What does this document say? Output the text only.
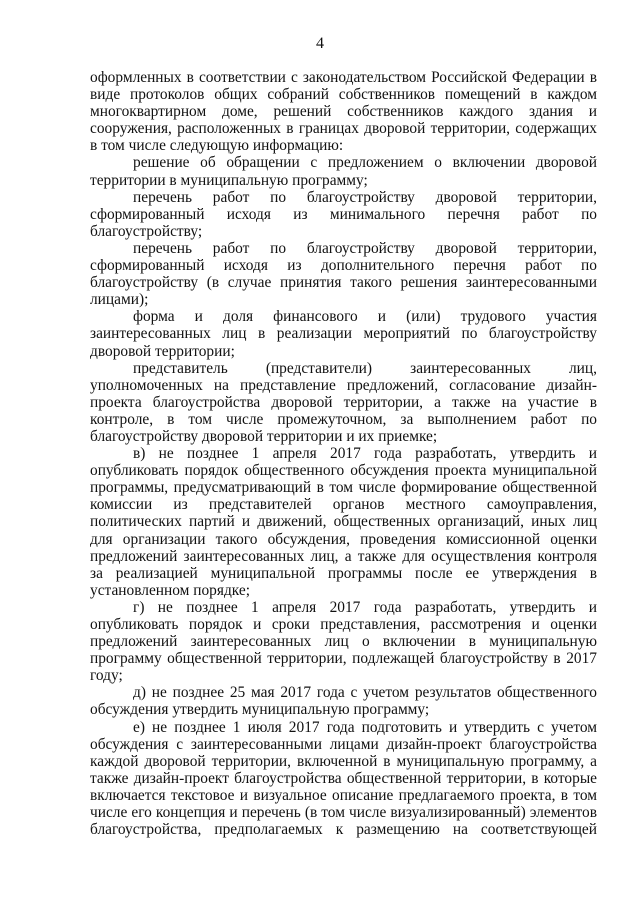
4

оформленных в соответствии с законодательством Российской Федерации в виде протоколов общих собраний собственников помещений в каждом многоквартирном доме, решений собственников каждого здания и сооружения, расположенных в границах дворовой территории, содержащих в том числе следующую информацию:

решение об обращении с предложением о включении дворовой территории в муниципальную программу;

перечень работ по благоустройству дворовой территории, сформированный исходя из минимального перечня работ по благоустройству;

перечень работ по благоустройству дворовой территории, сформированный исходя из дополнительного перечня работ по благоустройству (в случае принятия такого решения заинтересованными лицами);

форма и доля финансового и (или) трудового участия заинтересованных лиц в реализации мероприятий по благоустройству дворовой территории;

представитель (представители) заинтересованных лиц, уполномоченных на представление предложений, согласование дизайн-проекта благоустройства дворовой территории, а также на участие в контроле, в том числе промежуточном, за выполнением работ по благоустройству дворовой территории и их приемке;

в) не позднее 1 апреля 2017 года разработать, утвердить и опубликовать порядок общественного обсуждения проекта муниципальной программы, предусматривающий в том числе формирование общественной комиссии из представителей органов местного самоуправления, политических партий и движений, общественных организаций, иных лиц для организации такого обсуждения, проведения комиссионной оценки предложений заинтересованных лиц, а также для осуществления контроля за реализацией муниципальной программы после ее утверждения в установленном порядке;

г) не позднее 1 апреля 2017 года разработать, утвердить и опубликовать порядок и сроки представления, рассмотрения и оценки предложений заинтересованных лиц о включении в муниципальную программу общественной территории, подлежащей благоустройству в 2017 году;

д) не позднее 25 мая 2017 года с учетом результатов общественного обсуждения утвердить муниципальную программу;

е) не позднее 1 июля 2017 года подготовить и утвердить с учетом обсуждения с заинтересованными лицами дизайн-проект благоустройства каждой дворовой территории, включенной в муниципальную программу, а также дизайн-проект благоустройства общественной территории, в которые включается текстовое и визуальное описание предлагаемого проекта, в том числе его концепция и перечень (в том числе визуализированный) элементов благоустройства, предполагаемых к размещению на соответствующей
